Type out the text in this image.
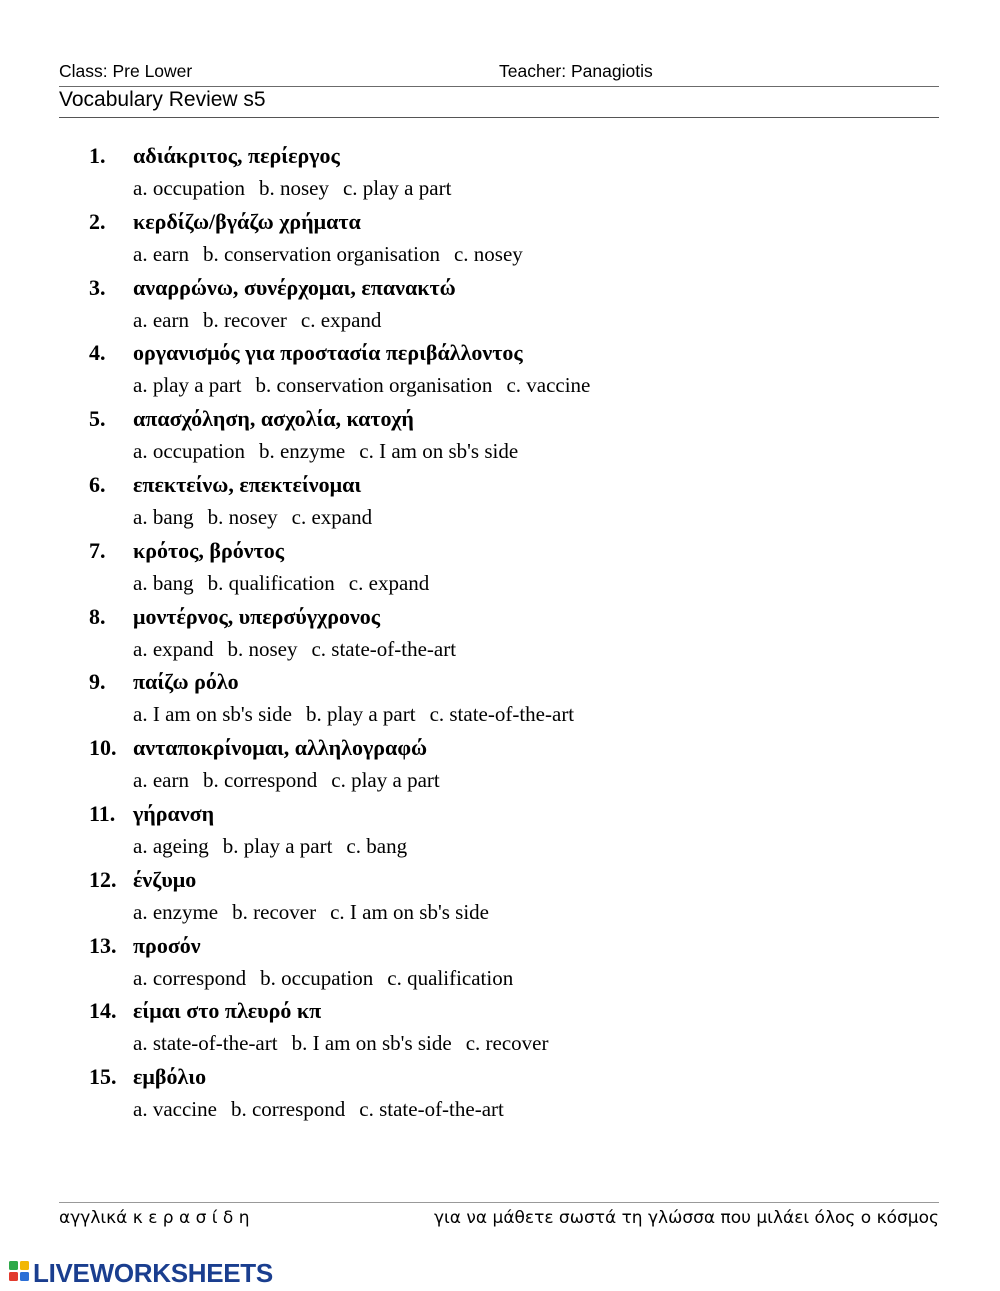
Class: Pre Lower	Teacher: Panagiotis
Vocabulary Review s5
1. αδιάκριτος, περίεργος
a. occupation b. nosey c. play a part
2. κερδίζω/βγάζω χρήματα
a. earn b. conservation organisation c. nosey
3. αναρρώνω, συνέρχομαι, επανακτώ
a. earn b. recover c. expand
4. οργανισμός για προστασία περιβάλλοντος
a. play a part b. conservation organisation c. vaccine
5. απασχόληση, ασχολία, κατοχή
a. occupation b. enzyme c. I am on sb's side
6. επεκτείνω, επεκτείνομαι
a. bang b. nosey c. expand
7. κρότος, βρόντος
a. bang b. qualification c. expand
8. μοντέρνος, υπερσύγχρονος
a. expand b. nosey c. state-of-the-art
9. παίζω ρόλο
a. I am on sb's side b. play a part c. state-of-the-art
10. ανταποκρίνομαι, αλληλογραφώ
a. earn b. correspond c. play a part
11. γήρανση
a. ageing b. play a part c. bang
12. ένζυμο
a. enzyme b. recover c. I am on sb's side
13. προσόν
a. correspond b. occupation c. qualification
14. είμαι στο πλευρό κπ
a. state-of-the-art b. I am on sb's side c. recover
15. εμβόλιο
a. vaccine b. correspond c. state-of-the-art
αγγλικά κ ε ρ α σ ί δ η	για να μάθετε σωστά τη γλώσσα που μιλάει όλος ο κόσμος
LIVEWORKSHEETS
